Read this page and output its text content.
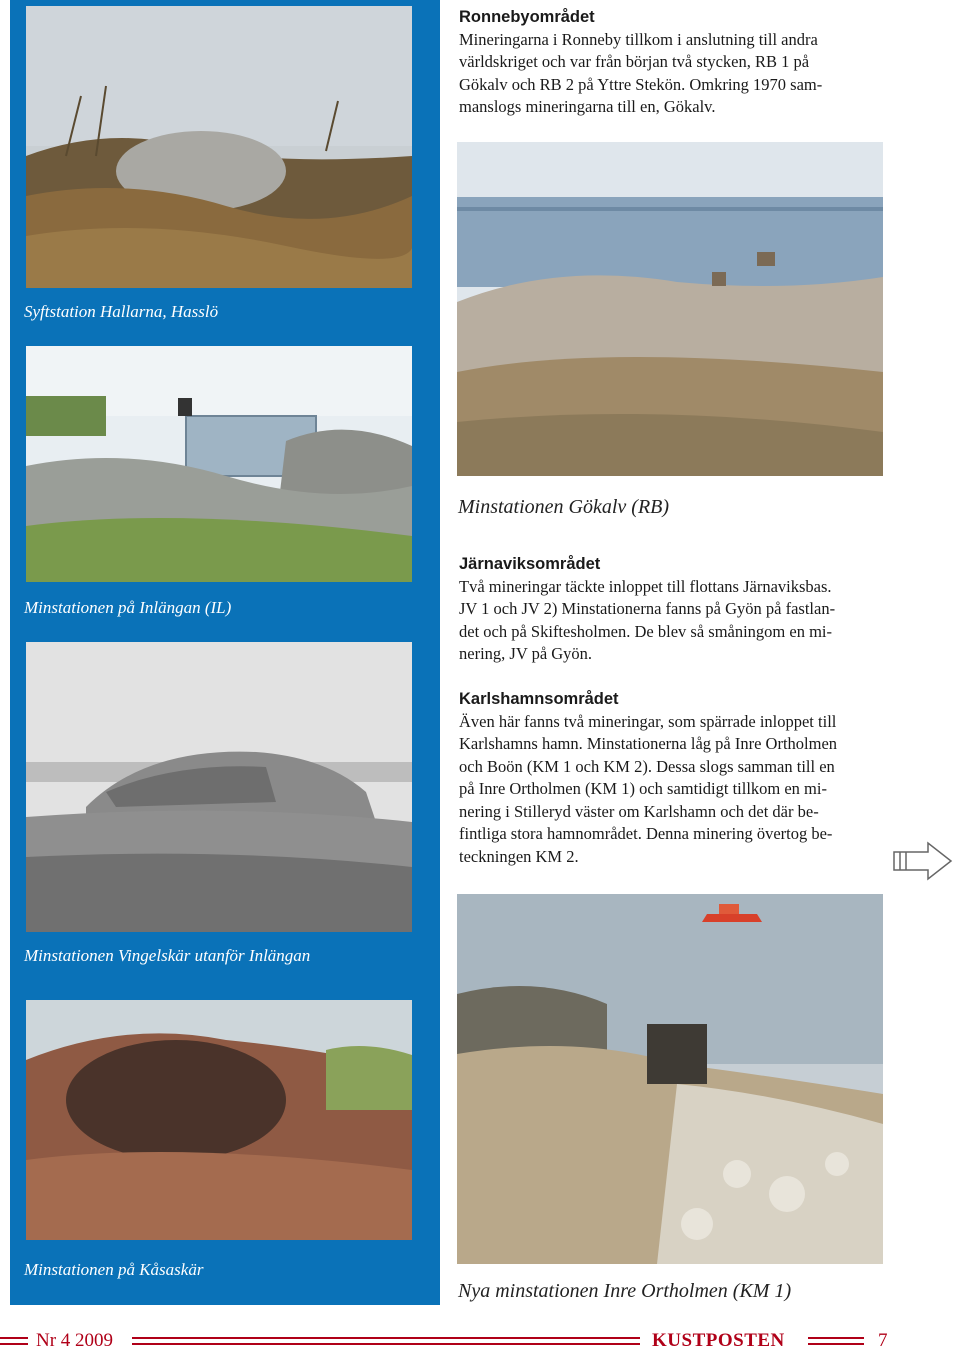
Syftstation Hallarna, Hasslö
Minstationen på Inlängan (IL)
Minstationen Vingelskär utanför Inlängan
Minstationen på Kåsaskär
Ronnebyområdet

Mineringarna i Ronneby tillkom i anslutning till andra

världskriget och var från början två stycken, RB 1 på

Gökalv och RB 2 på Yttre Stekön. Omkring 1970 sam-

manslogs mineringarna till en, Gökalv.

Minstationen Gökalv (RB)
Järnaviksområdet

Två mineringar täckte inloppet till flottans Järnaviksbas.

JV 1 och JV 2) Minstationerna fanns på Gyön på fastlan-

det och på Skiftesholmen. De blev så småningom en mi-

nering, JV på Gyön.

Karlshamnsområdet

Även här fanns två mineringar, som spärrade inloppet till

Karlshamns hamn. Minstationerna låg på Inre Ortholmen

och Boön (KM 1 och KM 2). Dessa slogs samman till en

på Inre Ortholmen (KM 1) och samtidigt tillkom en mi-

nering i Stilleryd väster om Karlshamn och det där be-

fintliga stora hamnområdet. Denna minering övertog be-

teckningen KM 2.

Nya minstationen Inre Ortholmen (KM 1)
Nr 4 2009	KUSTPOSTEN	7
